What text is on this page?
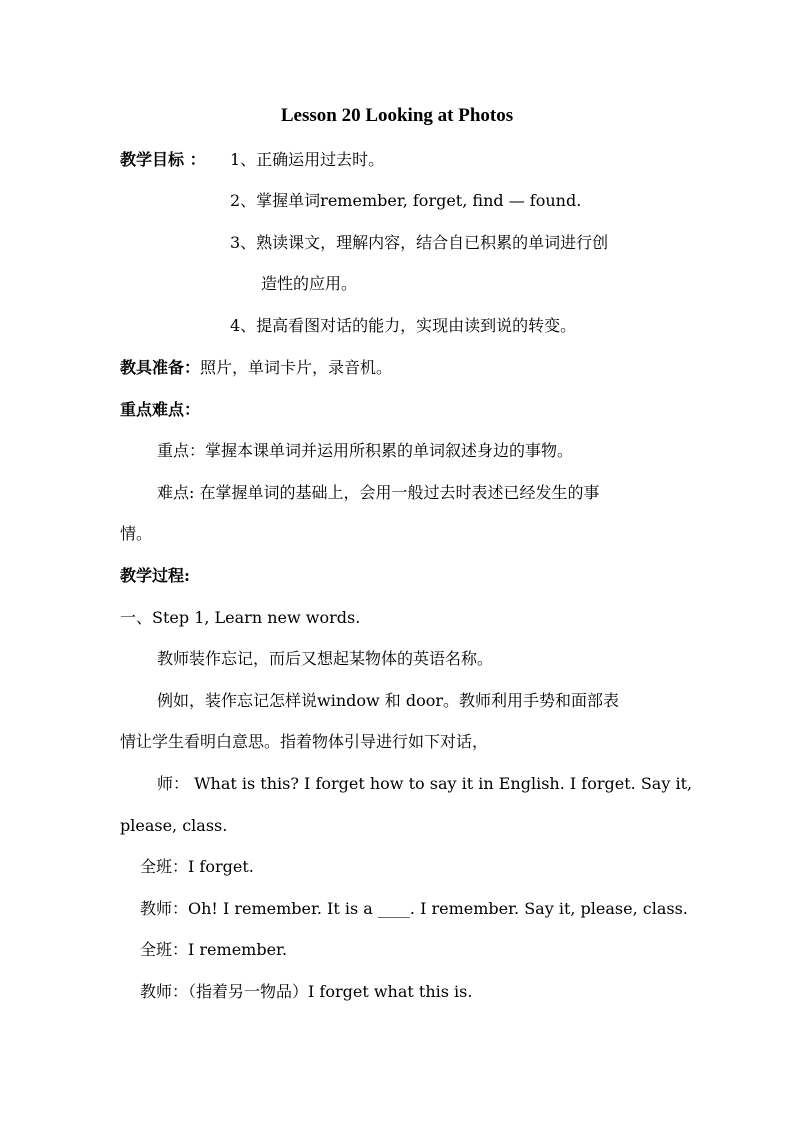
Lesson 20 Looking at Photos
教学目标 ： 1、正确运用过去时。
2、掌握单词remember, forget, find — found.
3、熟读课文，理解内容，结合自已积累的单词进行创
造性的应用。
4、提高看图对话的能力，实现由读到说的转变。
教具准备：照片，单词卡片，录音机。
重点难点：
重点：掌握本课单词并运用所积累的单词叙述身边的事物。
难点: 在掌握单词的基础上，会用一般过去时表述已经发生的事
情。
教学过程:
一、Step 1, Learn new words.
教师装作忘记，而后又想起某物体的英语名称。
例如，装作忘记怎样说window 和 door。教师利用手势和面部表
情让学生看明白意思。指着物体引导进行如下对话，
师： What is this? I forget how to say it in English. I forget. Say it,
please, class.
全班：I forget.
教师：Oh! I remember. It is a ____. I remember. Say it, please, class.
全班：I remember.
教师：（指着另一物品）I forget what this is.
